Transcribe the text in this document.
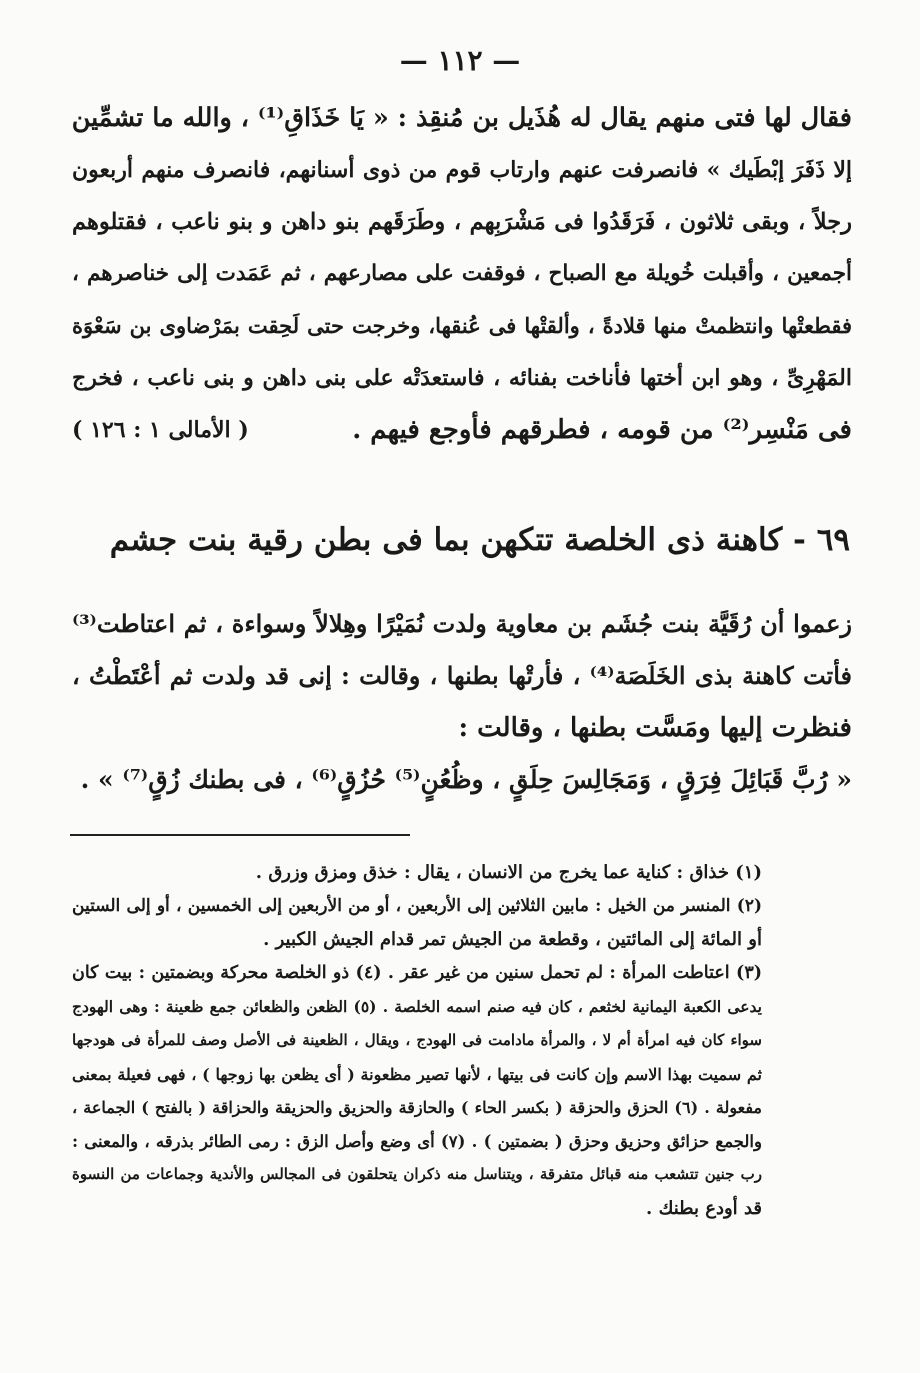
— ١١٢ —
فقال لها فتى منهم يقال له هُذَيل بن مُنقِذ : « يَا خَذَاقِ⁽¹⁾ ، والله ما تشمِّين
إلا ذَفَرَ إبْطَيك » فانصرفت عنهم وارتاب قوم من ذوى أسنانهم، فانصرف منهم أربعون
رجلاً ، وبقى ثلاثون ، فَرَقَدُوا فى مَشْرَبِهم ، وطَرَقَهم بنو داهن و بنو ناعب ، فقتلوهم
أجمعين ، وأقبلت خُويلة مع الصباح ، فوقفت على مصارعهم ، ثم عَمَدت إلى خناصرهم ،
فقطعتْها وانتظمتْ منها قلادةً ، وألقتْها فى عُنقها، وخرجت حتى لَحِقت بمَرْضاوى بن سَعْوَة
المَهْرِىِّ ، وهو ابن أختها فأناخت بفنائه ، فاستعدَتْه على بنى داهن و بنى ناعب ، فخرج
فى مَنْسِر⁽²⁾ من قومه ، فطرقهم فأوجع فيهم .
( الأمالى ١ : ١٢٦ )
٦٩ - كاهنة ذى الخلصة تتكهن بما فى بطن رقية بنت جشم
زعموا أن رُقَيَّة بنت جُشَم بن معاوية ولدت نُمَيْرًا وهِلالاً وسواءة ، ثم اعتاطت⁽³⁾
فأتت كاهنة بذى الخَلَصَة⁽⁴⁾ ، فأرتْها بطنها ، وقالت : إنى قد ولدت ثم أعْتَطْتُ ،
فنظرت إليها ومَسَّت بطنها ، وقالت :
« رُبَّ قَبَائِلَ فِرَقٍ ، وَمَجَالِسَ حِلَقٍ ، وظُعُنٍ⁽⁵⁾ حُزُقٍ⁽⁶⁾ ، فى بطنك زُقٍ⁽⁷⁾ » .
(١) خذاق : كناية عما يخرج من الانسان ، يقال : خذق ومزق وزرق .
(٢) المنسر من الخيل : مابين الثلاثين إلى الأربعين ، أو من الأربعين إلى الخمسين ، أو إلى الستين
أو المائة إلى المائتين ، وقطعة من الجيش تمر قدام الجيش الكبير .
(٣) اعتاطت المرأة : لم تحمل سنين من غير عقر . (٤) ذو الخلصة محركة وبضمتين : بيت كان
يدعى الكعبة اليمانية لخثعم ، كان فيه صنم اسمه الخلصة . (٥) الظعن والظعائن جمع ظعينة : وهى الهودج
سواء كان فيه امرأة أم لا ، والمرأة مادامت فى الهودج ، ويقال ، الظعينة فى الأصل وصف للمرأة فى هودجها
ثم سميت بهذا الاسم وإن كانت فى بيتها ، لأنها تصير مظعونة ( أى يظعن بها زوجها ) ، فهى فعيلة بمعنى
مفعولة . (٦) الحزق والحزقة ( بكسر الحاء ) والحازقة والحزيق والحزيقة والحزاقة ( بالفتح ) الجماعة ،
والجمع حزائق وحزيق وحزق ( بضمتين ) . (٧) أى وضع وأصل الزق : رمى الطائر بذرقه ، والمعنى :
رب جنين تتشعب منه قبائل متفرقة ، ويتناسل منه ذكران يتحلقون فى المجالس والأندية وجماعات من النسوة
قد أودع بطنك .
